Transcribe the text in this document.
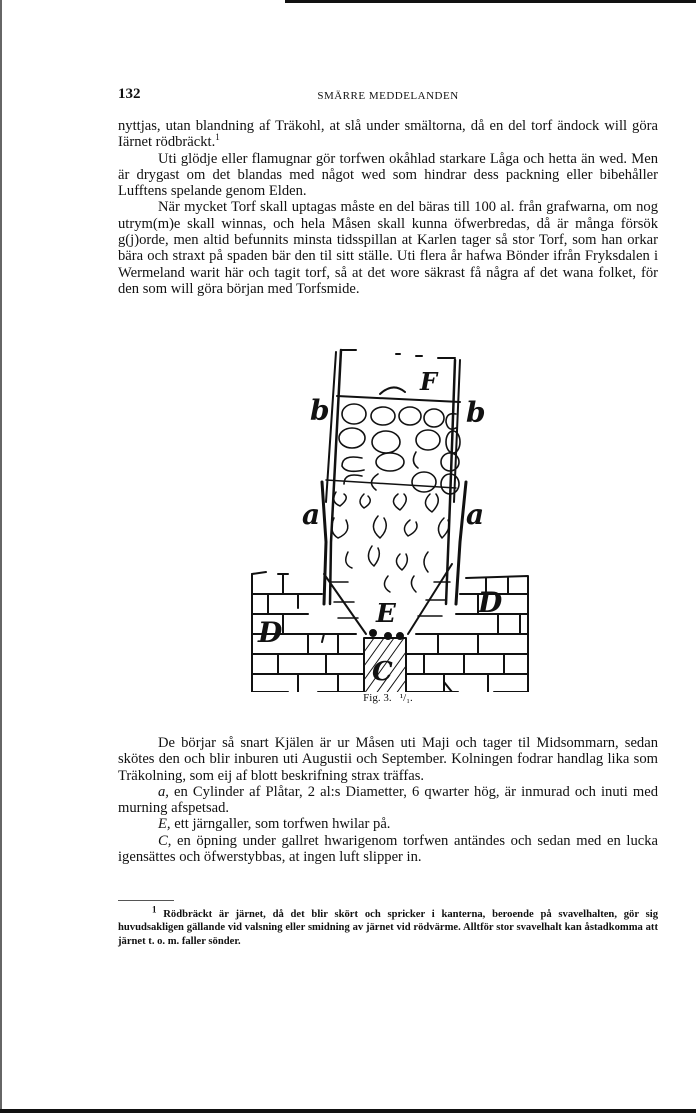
132	SMÄRRE MEDDELANDEN

nyttjas, utan blandning af Träkohl, at slå under smältorna, då en del torf ändock will göra Iärnet rödbräckt.$^1$

Uti glödje eller flamugnar gör torfwen okåhlad starkare Låga och hetta än wed. Men är drygast om det blandas med något wed som hindrar dess packning eller bibehåller Lufftens spelande genom Elden.

När mycket Torf skall uptagas måste en del bäras till 100 al. från grafwarna, om nog utrym(m)e skall winnas, och hela Måsen skall kunna öfwerbredas, då är många försök g(j)orde, men altid befunnits minsta tidsspillan at Karlen tager så stor Torf, som han orkar bära och straxt på spaden bär den til sitt ställe. Uti flera år hafwa Bönder ifrån Fryksdalen i Wermeland warit här och tagit torf, så at det wore säkrast få några af det wana folket, för den som will göra början med Torfsmide.

F
b	b
a	a
D
D
E
C
Fig. 3. ¹/₁.

De börjar så snart Kjälen är ur Måsen uti Maji och tager til Midsommarn, sedan skötes den och blir inburen uti Augustii och September. Kolningen fodrar handlag lika som Träkolning, som eij af blott beskrifning strax träffas.

a, en Cylinder af Plåtar, 2 al:s Diametter, 6 qwarter hög, är inmurad och inuti med murning afspetsad.

E, ett järngaller, som torfwen hwilar på.

C, en öpning under gallret hwarigenom torfwen antändes och sedan med en lucka igensättes och öfwerstybbas, at ingen luft slipper in.

$^1$ Rödbräckt är järnet, då det blir skört och spricker i kanterna, beroende på svavelhalten, gör sig huvudsakligen gällande vid valsning eller smidning av järnet vid rödvärme. Alltför stor svavelhalt kan åstadkomma att järnet t. o. m. faller sönder.
